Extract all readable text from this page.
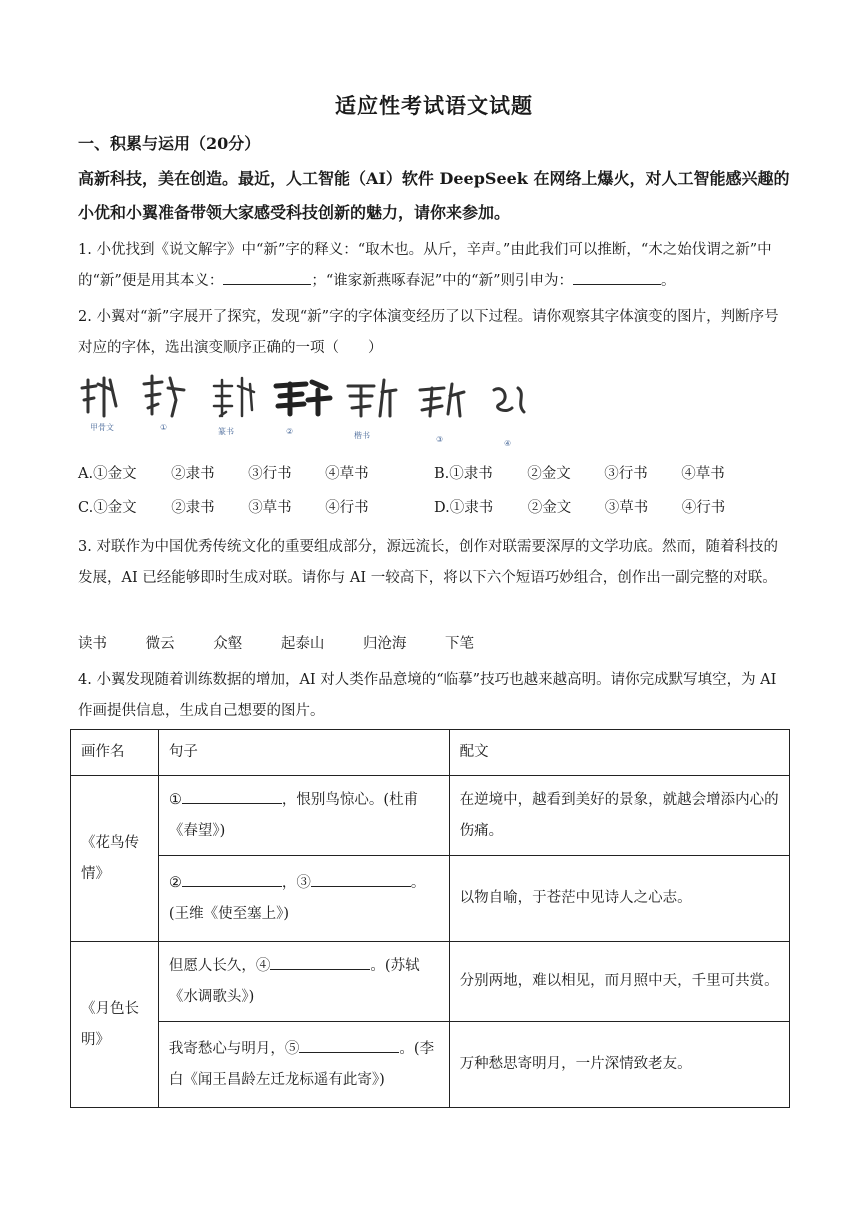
适应性考试语文试题
一、积累与运用（20分）
高新科技，美在创造。最近，人工智能（AI）软件 DeepSeek 在网络上爆火，对人工智能感兴趣的小优和小翼准备带领大家感受科技创新的魅力，请你来参加。
1. 小优找到《说文解字》中“新”字的释义：“取木也。从斤，辛声。”由此我们可以推断，“木之始伐谓之新”中的“新”便是用其本义：	；“谁家新燕啄春泥”中的“新”则引申为：	。
2. 小翼对“新”字展开了探究，发现“新”字的字体演变经历了以下过程。请你观察其字体演变的图片，判断序号对应的字体，选出演变顺序正确的一项（　　）
甲骨文	①	篆书	②	楷书	③	④
A.①金文 ②隶书 ③行书 ④草书	B.①隶书 ②金文 ③行书 ④草书
C.①金文 ②隶书 ③草书 ④行书	D.①隶书 ②金文 ③草书 ④行书
3. 对联作为中国优秀传统文化的重要组成部分，源远流长，创作对联需要深厚的文学功底。然而，随着科技的发展，AI 已经能够即时生成对联。请你与 AI 一较高下，将以下六个短语巧妙组合，创作出一副完整的对联。
读书	微云	众壑	起泰山	归沧海	下笔
4. 小翼发现随着训练数据的增加，AI 对人类作品意境的“临摹”技巧也越来越高明。请你完成默写填空，为 AI 作画提供信息，生成自己想要的图片。
画作名	句子	配文
《花鸟传情》	① ，恨别鸟惊心。(杜甫《春望》)	在逆境中，越看到美好的景象，就越会增添内心的伤痛。
	② ，③ 。(王维《使至塞上》)	以物自喻，于苍茫中见诗人之心志。
《月色长明》	但愿人长久，④ 。(苏轼《水调歌头》)	分别两地，难以相见，而月照中天，千里可共赏。
	我寄愁心与明月，⑤ 。(李白《闻王昌龄左迁龙标遥有此寄》)	万种愁思寄明月，一片深情致老友。
